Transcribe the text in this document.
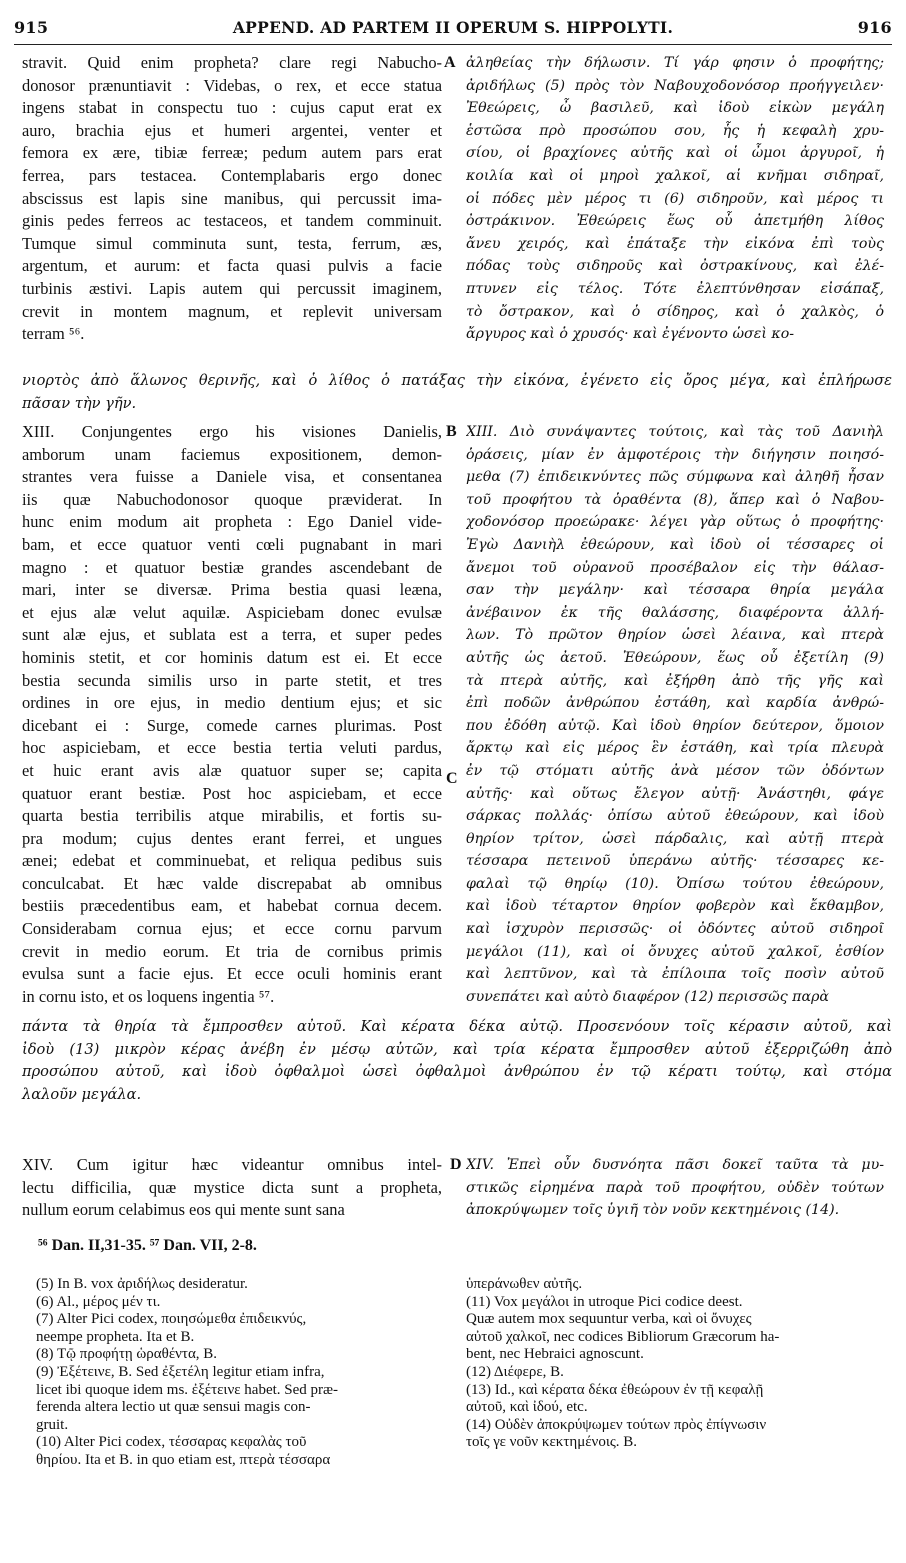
915	APPEND. AD PARTEM II OPERUM S. HIPPOLYTI.	916
stravit. Quid enim propheta? clare regi Nabucho-
donosor prænuntiavit : Videbas, o rex, et ecce statua
ingens stabat in conspectu tuo : cujus caput erat ex
auro, brachia ejus et humeri argentei, venter et
femora ex ære, tibiæ ferreæ; pedum autem pars erat
ferrea, pars testacea. Contemplabaris ergo donec
abscissus est lapis sine manibus, qui percussit ima-
ginis pedes ferreos ac testaceos, et tandem comminuit.
Tumque simul comminuta sunt, testa, ferrum, æs,
argentum, et aurum: et facta quasi pulvis a facie
turbinis æstivi. Lapis autem qui percussit imaginem,
crevit in montem magnum, et replevit universam
terram ⁵⁶.
A ἀληθείας τὴν δήλωσιν. Τί γάρ φησιν ὁ προφήτης;
ἀριδήλως (5) πρὸς τὸν Ναβουχοδονόσορ προήγγειλεν·
Ἐθεώρεις, ὦ βασιλεῦ, καὶ ἰδοὺ εἰκὼν μεγάλη
ἑστῶσα πρὸ προσώπου σου, ἧς ἡ κεφαλὴ χρυ-
σίου, οἱ βραχίονες αὐτῆς καὶ οἱ ὦμοι ἀργυροῖ, ἡ
κοιλία καὶ οἱ μηροὶ χαλκοῖ, αἱ κνῆμαι σιδηραῖ,
οἱ πόδες μὲν μέρος τι (6) σιδηροῦν, καὶ μέρος τι
ὀστράκινον. Ἐθεώρεις ἕως οὗ ἀπετμήθη λίθος
ἄνευ χειρός, καὶ ἐπάταξε τὴν εἰκόνα ἐπὶ τοὺς
πόδας τοὺς σιδηροῦς καὶ ὀστρακίνους, καὶ ἐλέ-
πτυνεν εἰς τέλος. Τότε ἐλεπτύνθησαν εἰσάπαξ,
τὸ ὄστρακον, καὶ ὁ σίδηρος, καὶ ὁ χαλκὸς, ὁ
ἄργυρος καὶ ὁ χρυσός· καὶ ἐγένοντο ὡσεὶ κο-
νιορτὸς ἀπὸ ἅλωνος θερινῆς, καὶ ὁ λίθος ὁ πατάξας τὴν εἰκόνα, ἐγένετο εἰς ὄρος μέγα, καὶ ἐπλήρωσε
πᾶσαν τὴν γῆν.
XIII. Conjungentes ergo his visiones Danielis,
amborum unam faciemus expositionem, demon-
strantes vera fuisse a Daniele visa, et consentanea
iis quæ Nabuchodonosor quoque præviderat. In
hunc enim modum ait propheta : Ego Daniel vide-
bam, et ecce quatuor venti cœli pugnabant in mari
magno : et quatuor bestiæ grandes ascendebant de
mari, inter se diversæ. Prima bestia quasi leæna,
et ejus alæ velut aquilæ. Aspiciebam donec evulsæ
sunt alæ ejus, et sublata est a terra, et super pedes
hominis stetit, et cor hominis datum est ei. Et ecce
bestia secunda similis urso in parte stetit, et tres
ordines in ore ejus, in medio dentium ejus; et sic
dicebant ei : Surge, comede carnes plurimas. Post
hoc aspiciebam, et ecce bestia tertia veluti pardus,
et huic erant avis alæ quatuor super se; capita
quatuor erant bestiæ. Post hoc aspiciebam, et ecce
quarta bestia terribilis atque mirabilis, et fortis su-
pra modum; cujus dentes erant ferrei, et ungues
ænei; edebat et comminuebat, et reliqua pedibus suis
conculcabat. Et hæc valde discrepabat ab omnibus
bestiis præcedentibus eam, et habebat cornua decem.
Considerabam cornua ejus; et ecce cornu parvum
crevit in medio eorum. Et tria de cornibus primis
evulsa sunt a facie ejus. Et ecce oculi hominis erant
in cornu isto, et os loquens ingentia ⁵⁷.
B
C
XIII. Διὸ συνάψαντες τούτοις, καὶ τὰς τοῦ Δανιὴλ
ὁράσεις, μίαν ἐν ἀμφοτέροις τὴν διήγησιν ποιησό-
μεθα (7) ἐπιδεικνύντες πῶς σύμφωνα καὶ ἀληθῆ ἦσαν
τοῦ προφήτου τὰ ὁραθέντα (8), ἅπερ καὶ ὁ Ναβου-
χοδονόσορ προεώρακε· λέγει γὰρ οὕτως ὁ προφήτης·
Ἐγὼ Δανιὴλ ἐθεώρουν, καὶ ἰδοὺ οἱ τέσσαρες οἱ
ἄνεμοι τοῦ οὐρανοῦ προσέβαλον εἰς τὴν θάλασ-
σαν τὴν μεγάλην· καὶ τέσσαρα θηρία μεγάλα
ἀνέβαινον ἐκ τῆς θαλάσσης, διαφέροντα ἀλλή-
λων. Τὸ πρῶτον θηρίον ὡσεὶ λέαινα, καὶ πτερὰ
αὐτῆς ὡς ἀετοῦ. Ἐθεώρουν, ἕως οὗ ἐξετίλη (9)
τὰ πτερὰ αὐτῆς, καὶ ἐξήρθη ἀπὸ τῆς γῆς καὶ
ἐπὶ ποδῶν ἀνθρώπου ἐστάθη, καὶ καρδία ἀνθρώ-
που ἐδόθη αὐτῷ. Καὶ ἰδοὺ θηρίον δεύτερον, ὅμοιον
ἄρκτῳ καὶ εἰς μέρος ἓν ἐστάθη, καὶ τρία πλευρὰ
ἐν τῷ στόματι αὐτῆς ἀνὰ μέσον τῶν ὀδόντων
αὐτῆς· καὶ οὕτως ἔλεγον αὐτῇ· Ἀνάστηθι, φάγε
σάρκας πολλάς· ὀπίσω αὐτοῦ ἐθεώρουν, καὶ ἰδοὺ
θηρίον τρίτον, ὡσεὶ πάρδαλις, καὶ αὐτῇ πτερὰ
τέσσαρα πετεινοῦ ὑπεράνω αὐτῆς· τέσσαρες κε-
φαλαὶ τῷ θηρίῳ (10). Ὀπίσω τούτου ἐθεώρουν,
καὶ ἰδοὺ τέταρτον θηρίον φοβερὸν καὶ ἔκθαμβον,
καὶ ἰσχυρὸν περισσῶς· οἱ ὀδόντες αὐτοῦ σιδηροῖ
μεγάλοι (11), καὶ οἱ ὄνυχες αὐτοῦ χαλκοῖ, ἐσθίον
καὶ λεπτῦνον, καὶ τὰ ἐπίλοιπα τοῖς ποσὶν αὐτοῦ
συνεπάτει καὶ αὐτὸ διαφέρον (12) περισσῶς παρὰ
πάντα τὰ θηρία τὰ ἔμπροσθεν αὐτοῦ. Καὶ κέρατα δέκα αὐτῷ. Προσενόουν τοῖς κέρασιν αὐτοῦ, καὶ
ἰδοὺ (13) μικρὸν κέρας ἀνέβη ἐν μέσῳ αὐτῶν, καὶ τρία κέρατα ἔμπροσθεν αὐτοῦ ἐξερριζώθη ἀπὸ
προσώπου αὐτοῦ, καὶ ἰδοὺ ὀφθαλμοὶ ὡσεὶ ὀφθαλμοὶ ἀνθρώπου ἐν τῷ κέρατι τούτῳ, καὶ στόμα
λαλοῦν μεγάλα.
XIV. Cum igitur hæc videantur omnibus intel-
lectu difficilia, quæ mystice dicta sunt a propheta,
nullum eorum celabimus eos qui mente sunt sana
D XIV. Ἐπεὶ οὖν δυσνόητα πᾶσι δοκεῖ ταῦτα τὰ μυ-
στικῶς εἰρημένα παρὰ τοῦ προφήτου, οὐδὲν τούτων
ἀποκρύψωμεν τοῖς ὑγιῆ τὸν νοῦν κεκτημένοις (14).
⁵⁶ Dan. II,31-35. ⁵⁷ Dan. VII, 2-8.
(5) In B. vox ἀριδήλως desideratur.
(6) Al., μέρος μέν τι.
(7) Alter Pici codex, ποιησώμεθα ἐπιδεικνύς,
neempe propheta. Ita et B.
(8) Τῷ προφήτῃ ὡραθέντα, B.
(9) Ἐξέτεινε, B. Sed ἐξετέλη legitur etiam infra,
licet ibi quoque idem ms. ἐξέτεινε habet. Sed præ-
ferenda altera lectio ut quæ sensui magis con-
gruit.
(10) Alter Pici codex, τέσσαρας κεφαλὰς τοῦ
θηρίου. Ita et B. in quo etiam est, πτερὰ τέσσαρα
ὑπεράνωθεν αὐτῆς.
(11) Vox μεγάλοι in utroque Pici codice deest.
Quæ autem mox sequuntur verba, καὶ οἱ ὄνυχες
αὐτοῦ χαλκοῖ, nec codices Bibliorum Græcorum ha-
bent, nec Hebraici agnoscunt.
(12) Διέφερε, B.
(13) Id., καὶ κέρατα δέκα ἐθεώρουν ἐν τῇ κεφαλῇ
αὐτοῦ, καὶ ἰδού, etc.
(14) Οὐδὲν ἀποκρύψωμεν τούτων πρὸς ἐπίγνωσιν
τοῖς γε νοῦν κεκτημένοις. B.
